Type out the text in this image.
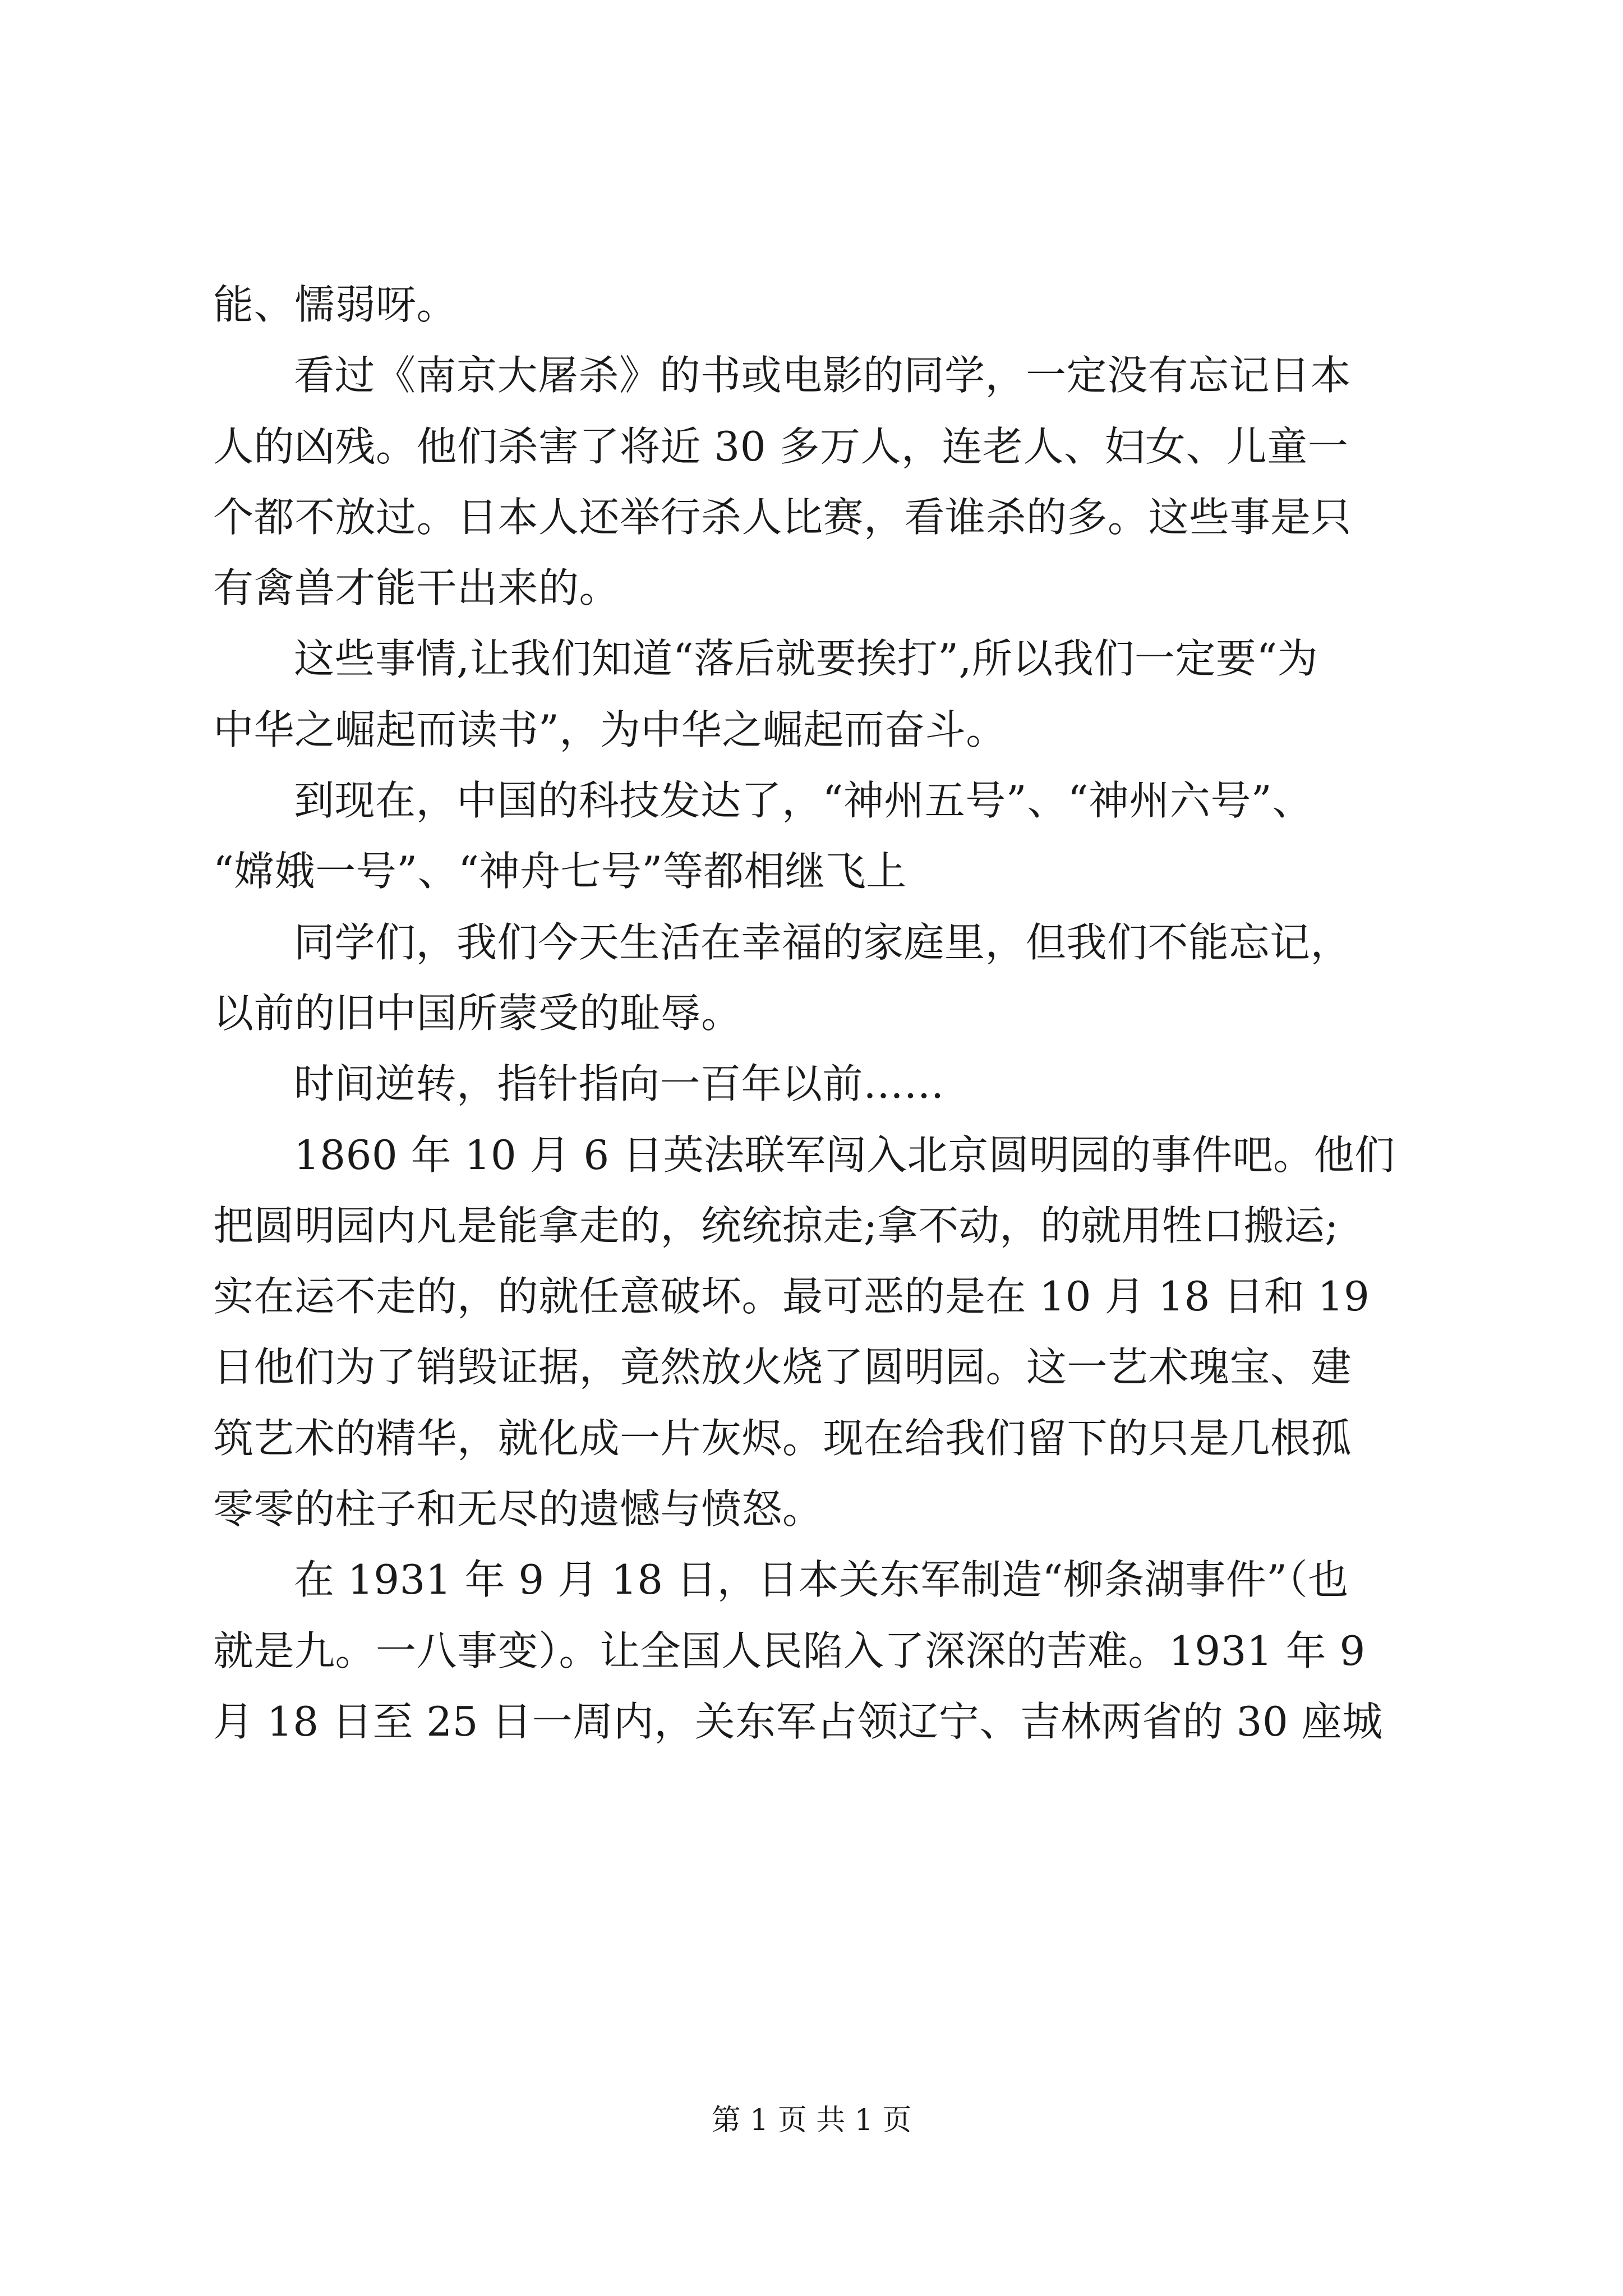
能、懦弱呀。
看过《南京大屠杀》的书或电影的同学，一定没有忘记日本
人的凶残。他们杀害了将近 30 多万人，连老人、妇女、儿童一
个都不放过。日本人还举行杀人比赛，看谁杀的多。这些事是只
有禽兽才能干出来的。
这些事情,让我们知道“落后就要挨打”,所以我们一定要“为
中华之崛起而读书”，为中华之崛起而奋斗。
到现在，中国的科技发达了，“神州五号”、“神州六号”、
“嫦娥一号”、“神舟七号”等都相继飞上
同学们，我们今天生活在幸福的家庭里，但我们不能忘记，
以前的旧中国所蒙受的耻辱。
时间逆转，指针指向一百年以前……
1860 年 10 月 6 日英法联军闯入北京圆明园的事件吧。他们
把圆明园内凡是能拿走的，统统掠走;拿不动，的就用牲口搬运;
实在运不走的，的就任意破坏。最可恶的是在 10 月 18 日和 19
日他们为了销毁证据，竟然放火烧了圆明园。这一艺术瑰宝、建
筑艺术的精华，就化成一片灰烬。现在给我们留下的只是几根孤
零零的柱子和无尽的遗憾与愤怒。
在 1931 年 9 月 18 日，日本关东军制造“柳条湖事件”（也
就是九。一八事变）。让全国人民陷入了深深的苦难。1931 年 9
月 18 日至 25 日一周内，关东军占领辽宁、吉林两省的 30 座城
第 1 页 共 1 页
